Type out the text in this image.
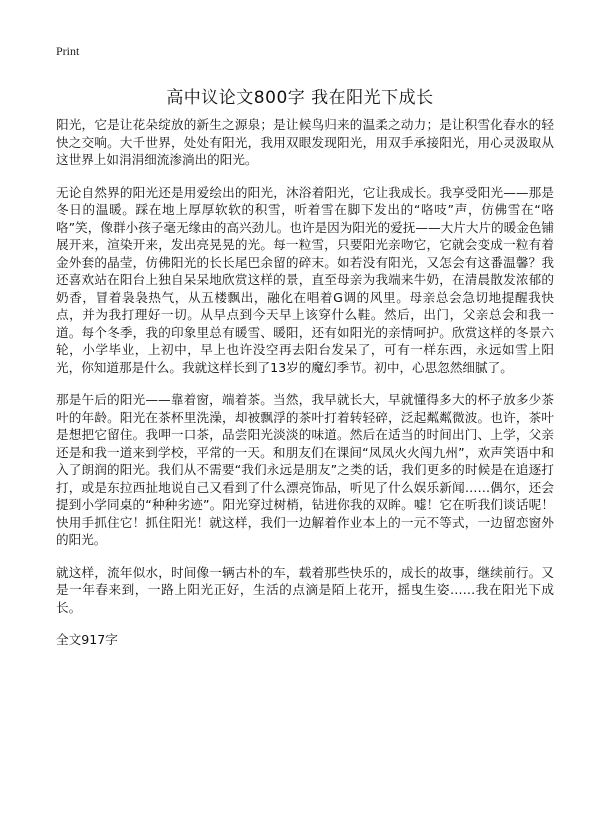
Print
高中议论文800字 我在阳光下成长

阳光，它是让花朵绽放的新生之源泉；是让候鸟归来的温柔之动力；是让积雪化春水的轻快之交响。大千世界，处处有阳光，我用双眼发现阳光，用双手承接阳光，用心灵汲取从这世界上如涓涓细流渗淌出的阳光。

无论自然界的阳光还是用爱绘出的阳光，沐浴着阳光，它让我成长。我享受阳光——那是冬日的温暖。踩在地上厚厚软软的积雪，听着雪在脚下发出的“咯吱”声，仿佛雪在“咯咯”笑，像群小孩子毫无缘由的高兴劲儿。也许是因为阳光的爱抚——大片大片的暖金色铺展开来，渲染开来，发出亮晃晃的光。每一粒雪，只要阳光亲吻它，它就会变成一粒有着金外套的晶莹，仿佛阳光的长长尾巴余留的碎末。如若没有阳光，又怎会有这番温馨？我还喜欢站在阳台上独自呆呆地欣赏这样的景，直至母亲为我端来牛奶，在清晨散发浓郁的奶香，冒着袅袅热气，从五楼飘出，融化在唱着G调的风里。母亲总会急切地提醒我快点，并为我打理好一切。从早点到今天早上该穿什么鞋。然后，出门，父亲总会和我一道。每个冬季，我的印象里总有暖雪、暖阳，还有如阳光的亲情呵护。欣赏这样的冬景六轮，小学毕业，上初中，早上也许没空再去阳台发呆了，可有一样东西，永远如雪上阳光，你知道那是什么。我就这样长到了13岁的魔幻季节。初中，心思忽然细腻了。

那是午后的阳光——靠着窗，端着茶。当然，我早就长大，早就懂得多大的杯子放多少茶叶的年龄。阳光在茶杯里洗澡，却被飘浮的茶叶打着转轻碎，泛起粼粼微波。也许，茶叶是想把它留住。我呷一口茶，品尝阳光淡淡的味道。然后在适当的时间出门、上学，父亲还是和我一道来到学校，平常的一天。和朋友们在课间“凤凤火火闯九州”，欢声笑语中和入了朗润的阳光。我们从不需要“我们永远是朋友”之类的话，我们更多的时候是在追逐打打，或是东拉西扯地说自己又看到了什么漂亮饰品，听见了什么娱乐新闻……偶尔，还会提到小学同桌的“种种劣迹”。阳光穿过树梢，钻进你我的双眸。嘘！它在听我们谈话呢！快用手抓住它！抓住阳光！就这样，我们一边解着作业本上的一元不等式，一边留恋窗外的阳光。

就这样，流年似水，时间像一辆古朴的车，载着那些快乐的，成长的故事，继续前行。又是一年春来到，一路上阳光正好，生活的点滴是陌上花开，摇曳生姿……我在阳光下成长。

全文917字
